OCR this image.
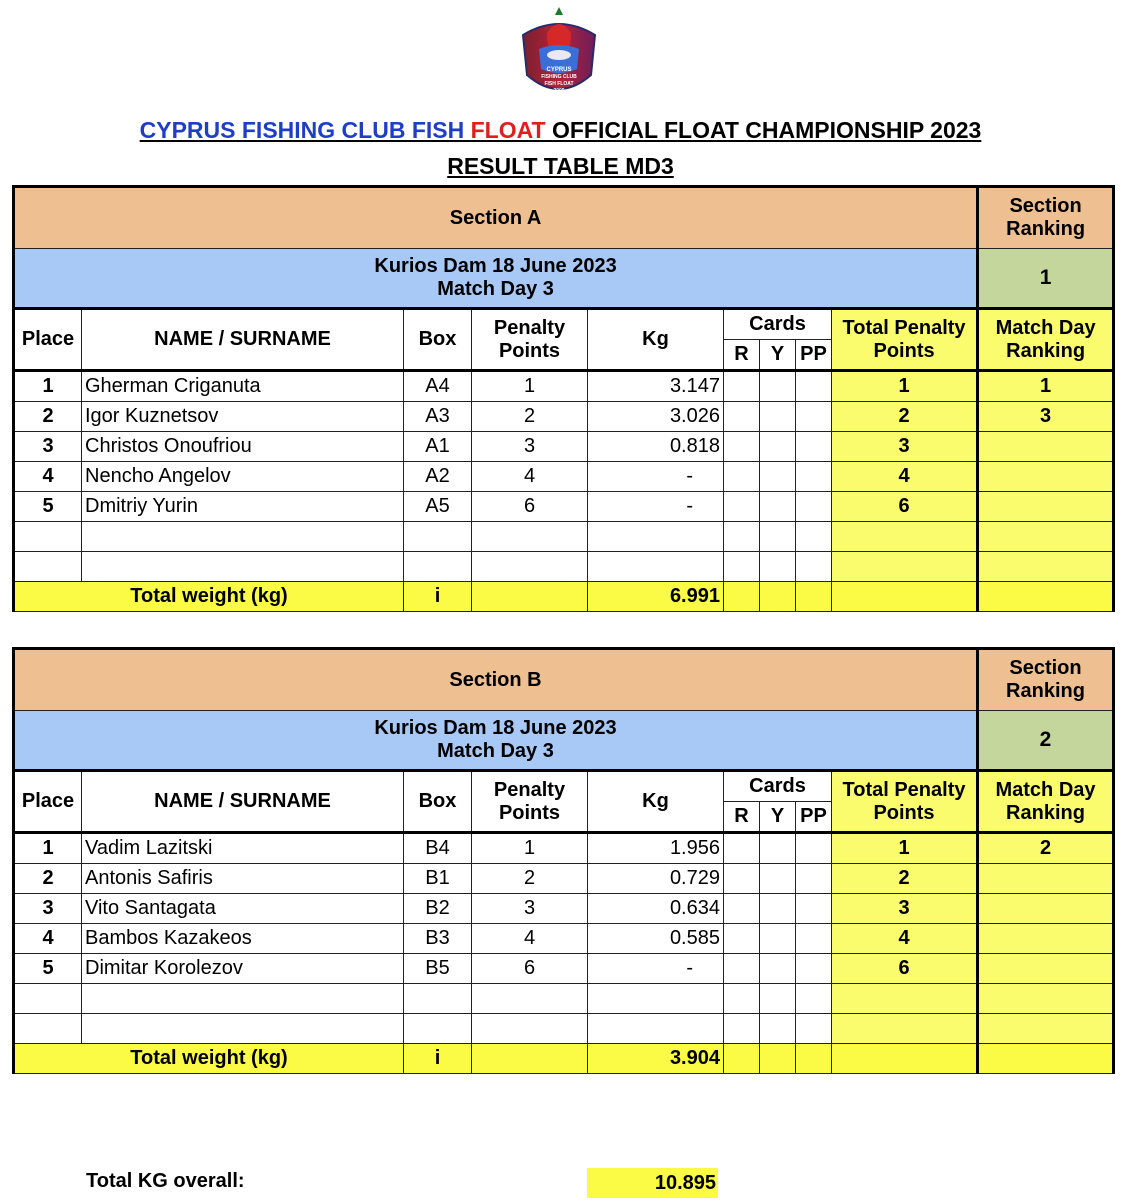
CYPRUS
FISHING CLUB
FISH FLOAT
2009
CYPRUS FISHING CLUB FISH FLOAT OFFICIAL FLOAT CHAMPIONSHIP 2023
RESULT TABLE MD3
Section A									Section
Ranking
Kurios Dam 18 June 2023
Match Day 3									1
Place	NAME / SURNAME	Box	Penalty
Points	Kg	Cards			Total Penalty
Points	Match Day
Ranking
					R	Y	PP		
1	Gherman Criganuta	A4	1	3.147				1	1
2	Igor Kuznetsov	A3	2	3.026				2	3
3	Christos Onoufriou	A1	3	0.818				3	
4	Nencho Angelov	A2	4	-				4	
5	Dmitriy Yurin	A5	6	-				6	

Total weight (kg)		i		6.991					
Section B									Section
Ranking
Kurios Dam 18 June 2023
Match Day 3									2
Place	NAME / SURNAME	Box	Penalty
Points	Kg	Cards			Total Penalty
Points	Match Day
Ranking
					R	Y	PP		
1	Vadim Lazitski	B4	1	1.956				1	2
2	Antonis Safiris	B1	2	0.729				2	
3	Vito Santagata	B2	3	0.634				3	
4	Bambos Kazakeos	B3	4	0.585				4	
5	Dimitar Korolezov	B5	6	-				6	

Total weight (kg)		i		3.904					
Total KG overall:	10.895
